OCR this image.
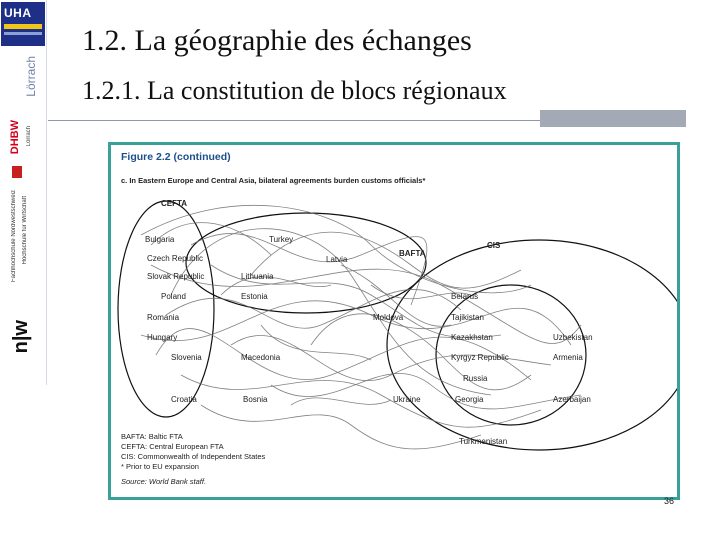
UHA
Lörrach
DHBW Lörrach
Fachhochschule Nordwestschweiz Hochschule für Wirtschaft
n|w
1.2. La géographie des échanges
1.2.1. La constitution de blocs régionaux
Figure 2.2 (continued)
c. In Eastern Europe and Central Asia, bilateral agreements burden customs officials*
CEFTA
BAFTA
CIS
Bulgaria
Czech Republic
Slovak Republic
Poland
Romania
Hungary
Slovenia
Croatia
Turkey
Lithuania
Estonia
Latvia
Macedonia
Bosnia
Moldova
Belarus
Tajikistan
Kazakhstan
Kyrgyz Republic
Russia
Ukraine	Georgia
Turkmenistan
Uzbekistan
Armenia
Azerbaijan
BAFTA: Baltic FTA
CEFTA: Central European FTA
CIS: Commonwealth of Independent States
* Prior to EU expansion
Source: World Bank staff.
36
